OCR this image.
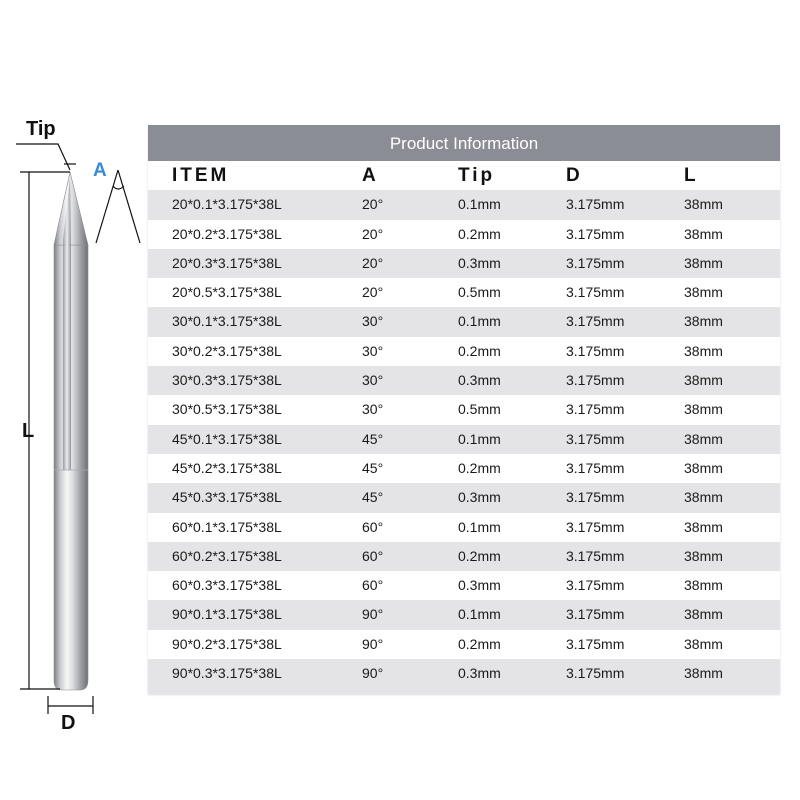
Tip
A
L
D
Product Information
ITEM	A	Tip	D	L
20*0.1*3.175*38L	20°	0.1mm	3.175mm	38mm
20*0.2*3.175*38L	20°	0.2mm	3.175mm	38mm
20*0.3*3.175*38L	20°	0.3mm	3.175mm	38mm
20*0.5*3.175*38L	20°	0.5mm	3.175mm	38mm
30*0.1*3.175*38L	30°	0.1mm	3.175mm	38mm
30*0.2*3.175*38L	30°	0.2mm	3.175mm	38mm
30*0.3*3.175*38L	30°	0.3mm	3.175mm	38mm
30*0.5*3.175*38L	30°	0.5mm	3.175mm	38mm
45*0.1*3.175*38L	45°	0.1mm	3.175mm	38mm
45*0.2*3.175*38L	45°	0.2mm	3.175mm	38mm
45*0.3*3.175*38L	45°	0.3mm	3.175mm	38mm
60*0.1*3.175*38L	60°	0.1mm	3.175mm	38mm
60*0.2*3.175*38L	60°	0.2mm	3.175mm	38mm
60*0.3*3.175*38L	60°	0.3mm	3.175mm	38mm
90*0.1*3.175*38L	90°	0.1mm	3.175mm	38mm
90*0.2*3.175*38L	90°	0.2mm	3.175mm	38mm
90*0.3*3.175*38L	90°	0.3mm	3.175mm	38mm
